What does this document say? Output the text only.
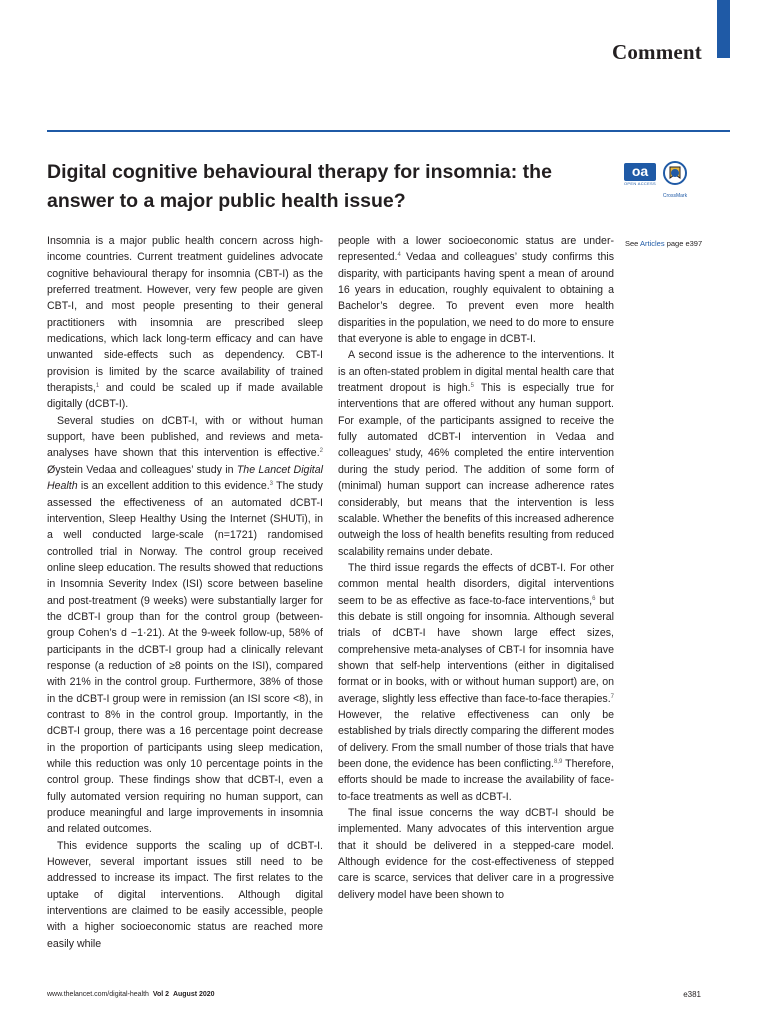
Comment
Digital cognitive behavioural therapy for insomnia: the answer to a major public health issue?
oa
OPEN ACCESS
CrossMark
See Articles page e397

Insomnia is a major public health concern across high-income countries. Current treatment guidelines advocate cognitive behavioural therapy for insomnia (CBT-I) as the preferred treatment. However, very few people are given CBT-I, and most people presenting to their general practitioners with insomnia are prescribed sleep medications, which lack long-term efficacy and can have unwanted side-effects such as dependency. CBT-I provision is limited by the scarce availability of trained therapists,$^1$ and could be scaled up if made available digitally (dCBT-I).

Several studies on dCBT-I, with or without human support, have been published, and reviews and meta-analyses have shown that this intervention is effective.$^2$ Øystein Vedaa and colleagues’ study in The Lancet Digital Health is an excellent addition to this evidence.$^3$ The study assessed the effectiveness of an automated dCBT-I intervention, Sleep Healthy Using the Internet (SHUTi), in a well conducted large-scale (n=1721) randomised controlled trial in Norway. The control group received online sleep education. The results showed that reductions in Insomnia Severity Index (ISI) score between baseline and post-treatment (9 weeks) were substantially larger for the dCBT-I group than for the control group (between-group Cohen’s d −1·21). At the 9-week follow-up, 58% of participants in the dCBT-I group had a clinically relevant response (a reduction of ≥8 points on the ISI), compared with 21% in the control group. Furthermore, 38% of those in the dCBT-I group were in remission (an ISI score <8), in contrast to 8% in the control group. Importantly, in the dCBT-I group, there was a 16 percentage point decrease in the proportion of participants using sleep medication, while this reduction was only 10 percentage points in the control group. These findings show that dCBT-I, even a fully automated version requiring no human support, can produce meaningful and large improvements in insomnia and related outcomes.

This evidence supports the scaling up of dCBT-I. However, several important issues still need to be addressed to increase its impact. The first relates to the uptake of digital interventions. Although digital interventions are claimed to be easily accessible, people with a higher socioeconomic status are reached more easily while

people with a lower socioeconomic status are under-represented.$^4$ Vedaa and colleagues’ study confirms this disparity, with participants having spent a mean of around 16 years in education, roughly equivalent to obtaining a Bachelor’s degree. To prevent even more health disparities in the population, we need to do more to ensure that everyone is able to engage in dCBT-I.

A second issue is the adherence to the interventions. It is an often-stated problem in digital mental health care that treatment dropout is high.$^5$ This is especially true for interventions that are offered without any human support. For example, of the participants assigned to receive the fully automated dCBT-I intervention in Vedaa and colleagues’ study, 46% completed the entire intervention during the study period. The addition of some form of (minimal) human support can increase adherence rates considerably, but means that the intervention is less scalable. Whether the benefits of this increased adherence outweigh the loss of health benefits resulting from reduced scalability remains under debate.

The third issue regards the effects of dCBT-I. For other common mental health disorders, digital interventions seem to be as effective as face-to-face interventions,$^6$ but this debate is still ongoing for insomnia. Although several trials of dCBT-I have shown large effect sizes, comprehensive meta-analyses of CBT-I for insomnia have shown that self-help interventions (either in digitalised format or in books, with or without human support) are, on average, slightly less effective than face-to-face therapies.$^7$ However, the relative effectiveness can only be established by trials directly comparing the different modes of delivery. From the small number of those trials that have been done, the evidence has been conflicting.$^{8,9}$ Therefore, efforts should be made to increase the availability of face-to-face treatments as well as dCBT-I.

The final issue concerns the way dCBT-I should be implemented. Many advocates of this intervention argue that it should be delivered in a stepped-care model. Although evidence for the cost-effectiveness of stepped care is scarce, services that deliver care in a progressive delivery model have been shown to

www.thelancet.com/digital-health Vol 2 August 2020	e381
